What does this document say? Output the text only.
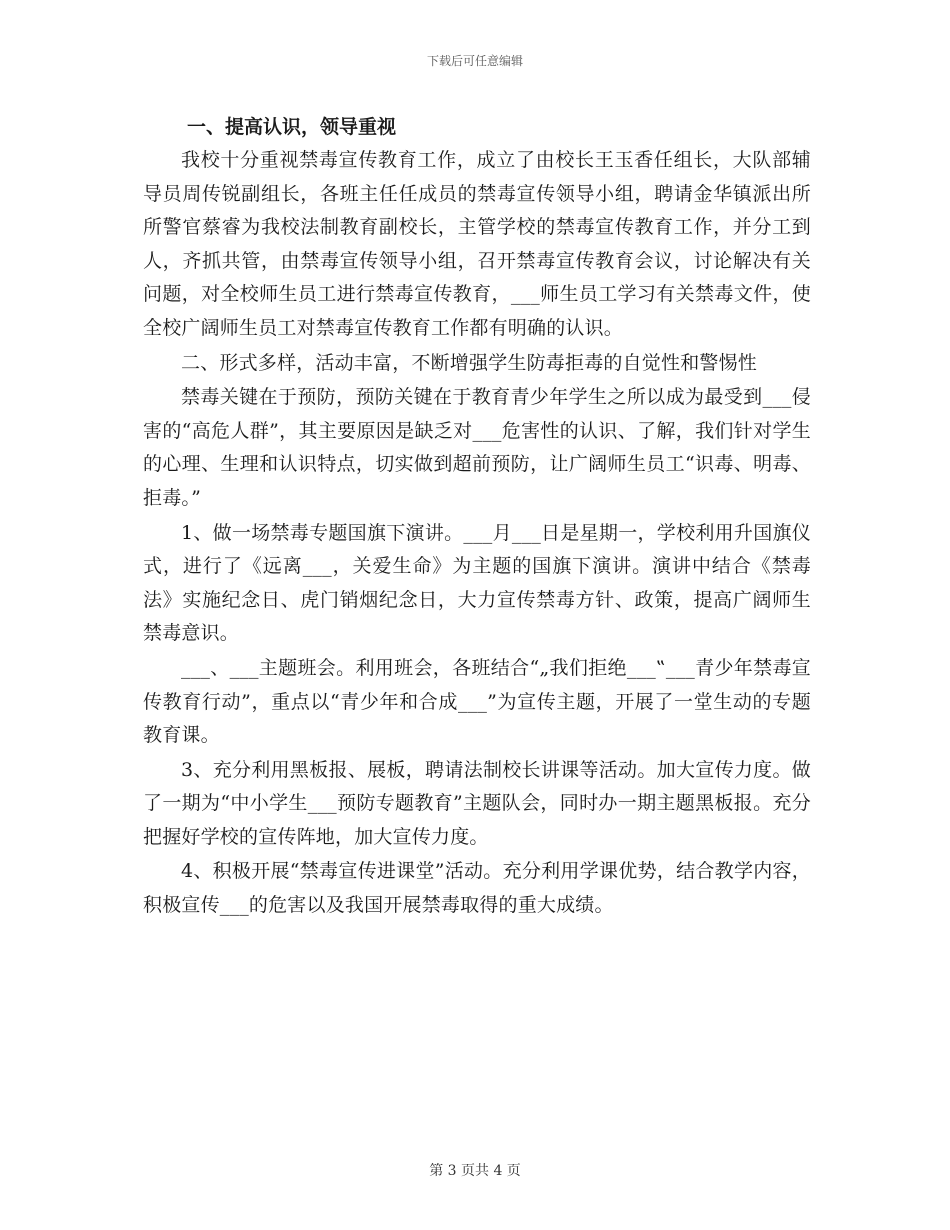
下载后可任意编辑
一、提高认识，领导重视

我校十分重视禁毒宣传教育工作，成立了由校长王玉香任组长，大队部辅导员周传锐副组长，各班主任任成员的禁毒宣传领导小组，聘请金华镇派出所所警官蔡睿为我校法制教育副校长，主管学校的禁毒宣传教育工作，并分工到人，齐抓共管，由禁毒宣传领导小组，召开禁毒宣传教育会议，讨论解决有关问题，对全校师生员工进行禁毒宣传教育，___师生员工学习有关禁毒文件，使全校广阔师生员工对禁毒宣传教育工作都有明确的认识。

二、形式多样，活动丰富，不断增强学生防毒拒毒的自觉性和警惕性

禁毒关键在于预防，预防关键在于教育青少年学生之所以成为最受到___侵害的“高危人群”，其主要原因是缺乏对___危害性的认识、了解，我们针对学生的心理、生理和认识特点，切实做到超前预防，让广阔师生员工“识毒、明毒、拒毒。”

1、做一场禁毒专题国旗下演讲。___月___日是星期一，学校利用升国旗仪式，进行了《远离___，关爱生命》为主题的国旗下演讲。演讲中结合《禁毒法》实施纪念日、虎门销烟纪念日，大力宣传禁毒方针、政策，提高广阔师生禁毒意识。

___、___主题班会。利用班会，各班结合“„我们拒绝___‟___青少年禁毒宣传教育行动”，重点以“青少年和合成___”为宣传主题，开展了一堂生动的专题教育课。

3、充分利用黑板报、展板，聘请法制校长讲课等活动。加大宣传力度。做了一期为“中小学生___预防专题教育”主题队会，同时办一期主题黑板报。充分把握好学校的宣传阵地，加大宣传力度。

4、积极开展“禁毒宣传进课堂”活动。充分利用学课优势，结合教学内容，积极宣传___的危害以及我国开展禁毒取得的重大成绩。

第 3 页共 4 页
